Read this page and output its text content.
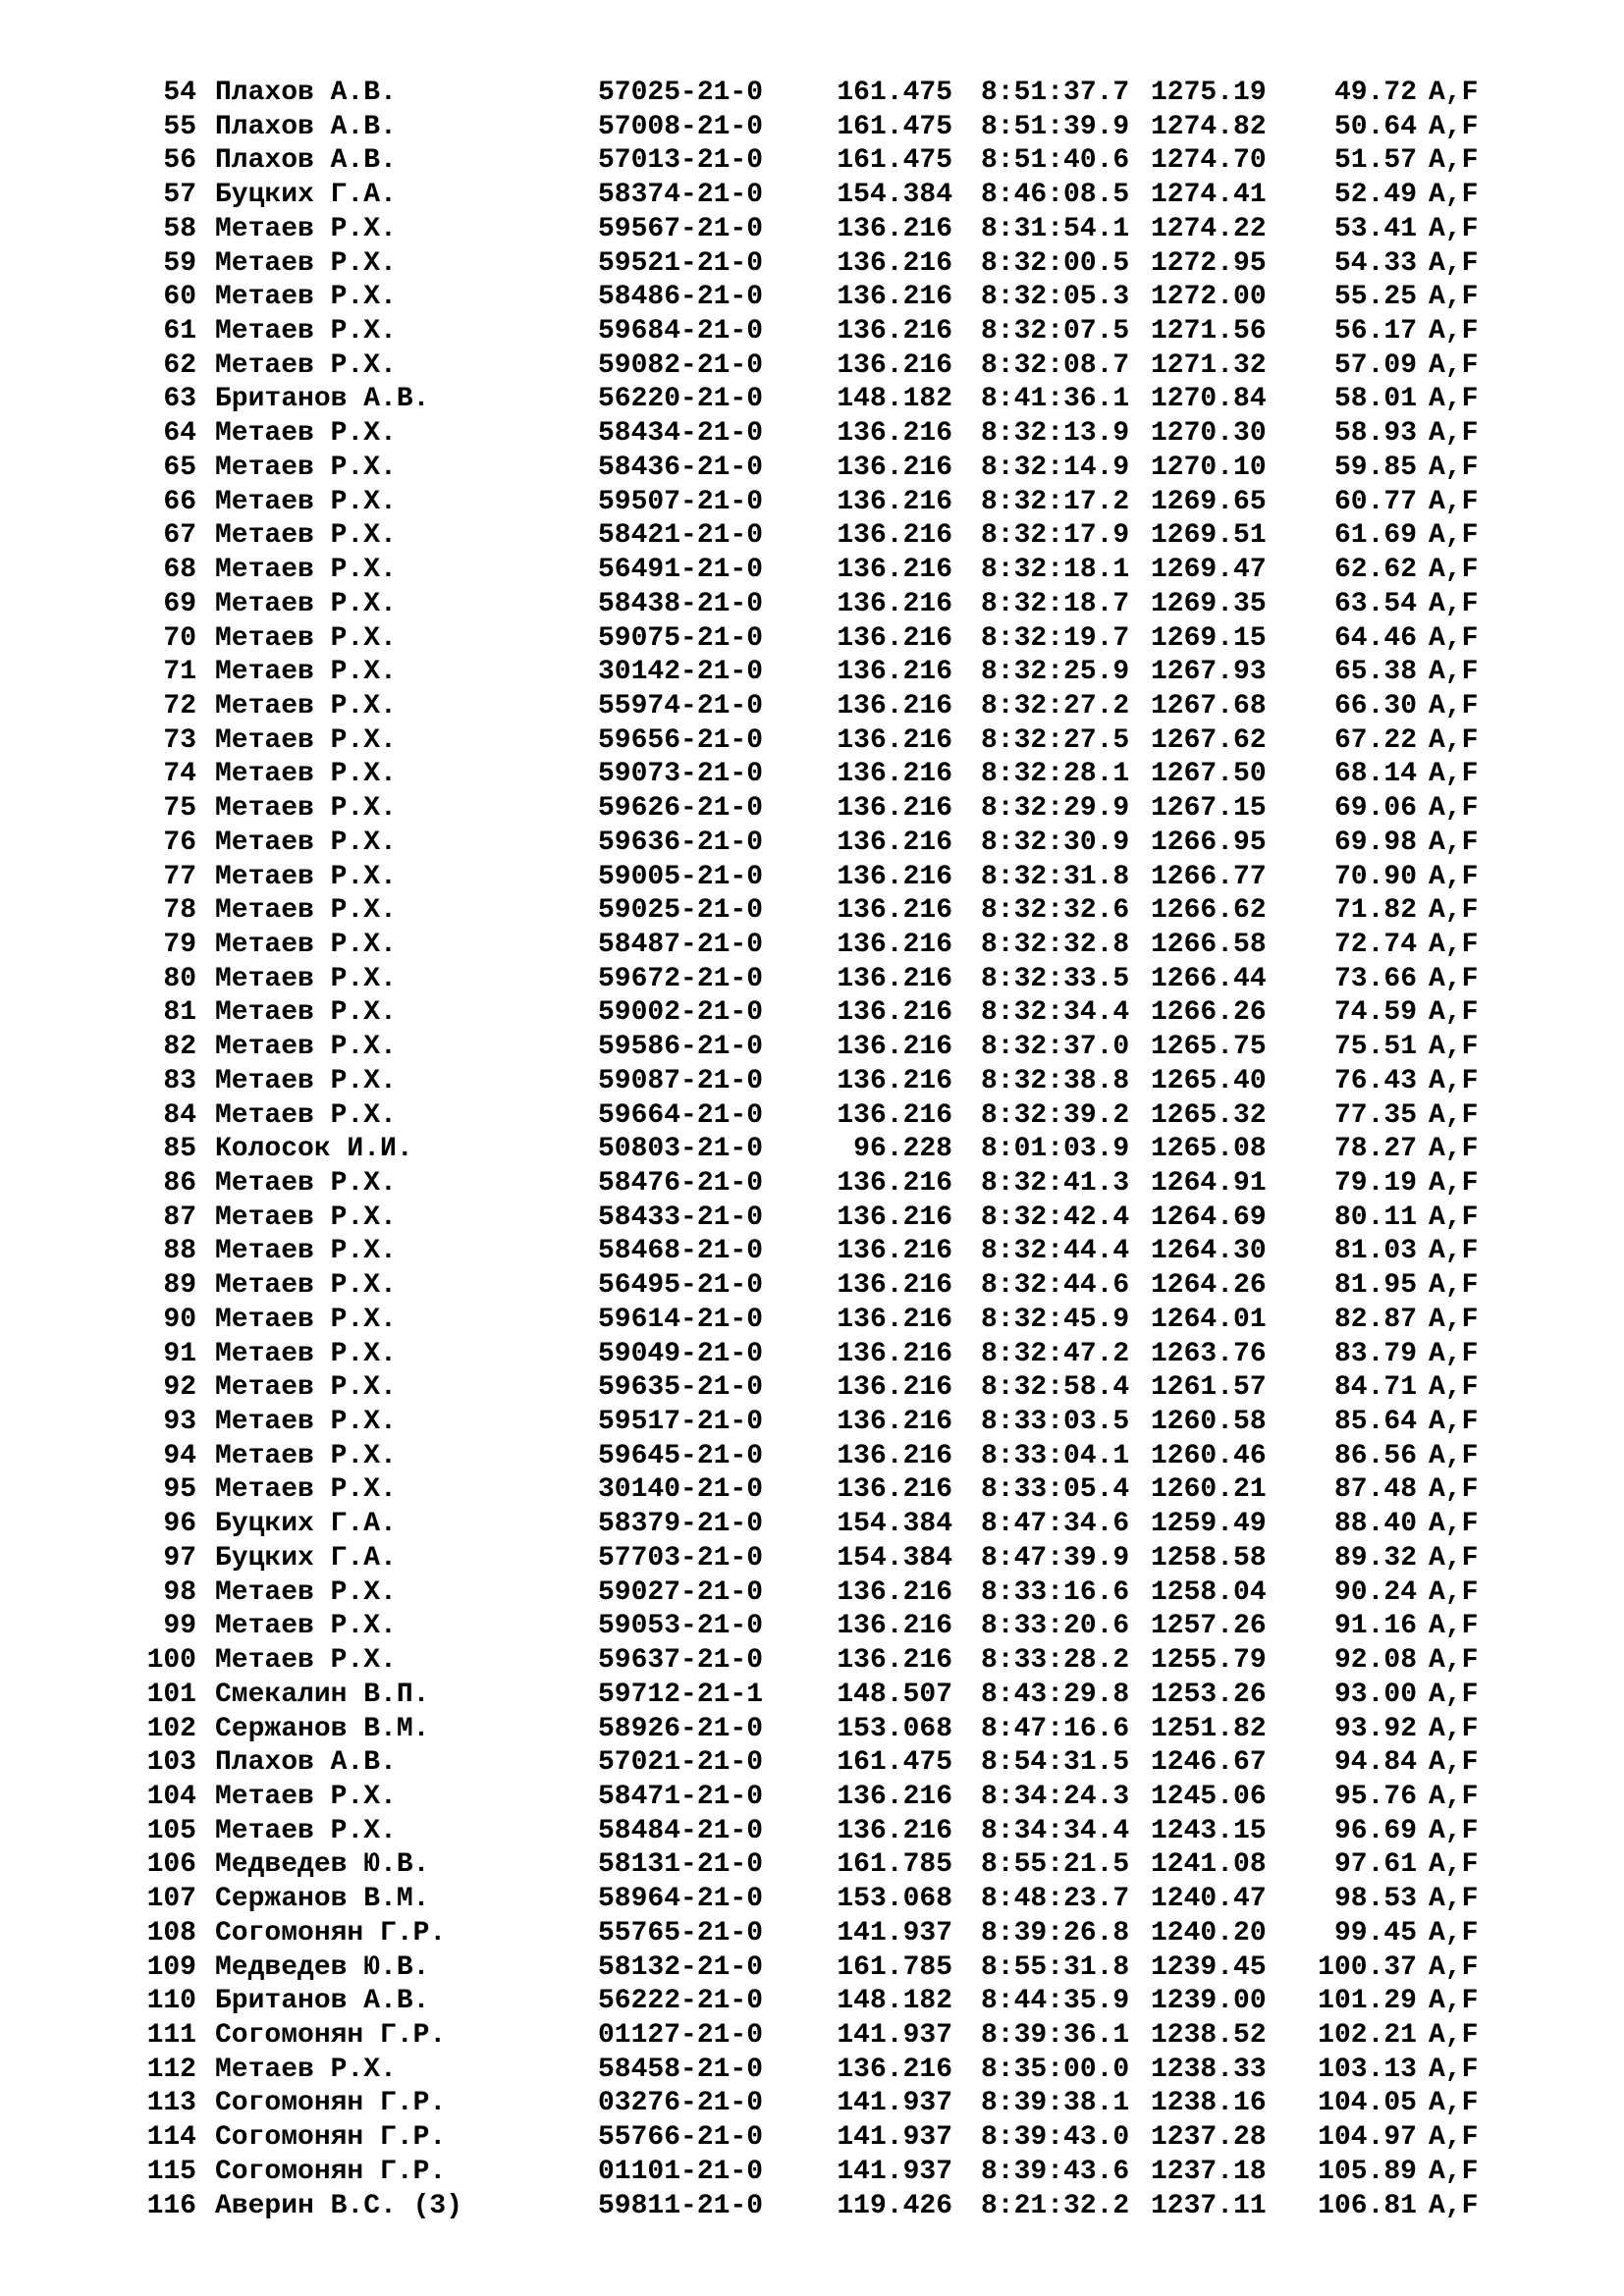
54 Плахов А.В.	57025-21-0	161.475 8:51:37.7 1275.19	49.72 A,F
55 Плахов А.В.	57008-21-0	161.475 8:51:39.9 1274.82	50.64 A,F
56 Плахов А.В.	57013-21-0	161.475 8:51:40.6 1274.70	51.57 A,F
57 Буцких Г.А.	58374-21-0	154.384 8:46:08.5 1274.41	52.49 A,F
58 Метаев Р.Х.	59567-21-0	136.216 8:31:54.1 1274.22	53.41 A,F
59 Метаев Р.Х.	59521-21-0	136.216 8:32:00.5 1272.95	54.33 A,F
60 Метаев Р.Х.	58486-21-0	136.216 8:32:05.3 1272.00	55.25 A,F
61 Метаев Р.Х.	59684-21-0	136.216 8:32:07.5 1271.56	56.17 A,F
62 Метаев Р.Х.	59082-21-0	136.216 8:32:08.7 1271.32	57.09 A,F
63 Британов А.В.	56220-21-0	148.182 8:41:36.1 1270.84	58.01 A,F
64 Метаев Р.Х.	58434-21-0	136.216 8:32:13.9 1270.30	58.93 A,F
65 Метаев Р.Х.	58436-21-0	136.216 8:32:14.9 1270.10	59.85 A,F
66 Метаев Р.Х.	59507-21-0	136.216 8:32:17.2 1269.65	60.77 A,F
67 Метаев Р.Х.	58421-21-0	136.216 8:32:17.9 1269.51	61.69 A,F
68 Метаев Р.Х.	56491-21-0	136.216 8:32:18.1 1269.47	62.62 A,F
69 Метаев Р.Х.	58438-21-0	136.216 8:32:18.7 1269.35	63.54 A,F
70 Метаев Р.Х.	59075-21-0	136.216 8:32:19.7 1269.15	64.46 A,F
71 Метаев Р.Х.	30142-21-0	136.216 8:32:25.9 1267.93	65.38 A,F
72 Метаев Р.Х.	55974-21-0	136.216 8:32:27.2 1267.68	66.30 A,F
73 Метаев Р.Х.	59656-21-0	136.216 8:32:27.5 1267.62	67.22 A,F
74 Метаев Р.Х.	59073-21-0	136.216 8:32:28.1 1267.50	68.14 A,F
75 Метаев Р.Х.	59626-21-0	136.216 8:32:29.9 1267.15	69.06 A,F
76 Метаев Р.Х.	59636-21-0	136.216 8:32:30.9 1266.95	69.98 A,F
77 Метаев Р.Х.	59005-21-0	136.216 8:32:31.8 1266.77	70.90 A,F
78 Метаев Р.Х.	59025-21-0	136.216 8:32:32.6 1266.62	71.82 A,F
79 Метаев Р.Х.	58487-21-0	136.216 8:32:32.8 1266.58	72.74 A,F
80 Метаев Р.Х.	59672-21-0	136.216 8:32:33.5 1266.44	73.66 A,F
81 Метаев Р.Х.	59002-21-0	136.216 8:32:34.4 1266.26	74.59 A,F
82 Метаев Р.Х.	59586-21-0	136.216 8:32:37.0 1265.75	75.51 A,F
83 Метаев Р.Х.	59087-21-0	136.216 8:32:38.8 1265.40	76.43 A,F
84 Метаев Р.Х.	59664-21-0	136.216 8:32:39.2 1265.32	77.35 A,F
85 Колосок И.И.	50803-21-0	96.228 8:01:03.9 1265.08	78.27 A,F
86 Метаев Р.Х.	58476-21-0	136.216 8:32:41.3 1264.91	79.19 A,F
87 Метаев Р.Х.	58433-21-0	136.216 8:32:42.4 1264.69	80.11 A,F
88 Метаев Р.Х.	58468-21-0	136.216 8:32:44.4 1264.30	81.03 A,F
89 Метаев Р.Х.	56495-21-0	136.216 8:32:44.6 1264.26	81.95 A,F
90 Метаев Р.Х.	59614-21-0	136.216 8:32:45.9 1264.01	82.87 A,F
91 Метаев Р.Х.	59049-21-0	136.216 8:32:47.2 1263.76	83.79 A,F
92 Метаев Р.Х.	59635-21-0	136.216 8:32:58.4 1261.57	84.71 A,F
93 Метаев Р.Х.	59517-21-0	136.216 8:33:03.5 1260.58	85.64 A,F
94 Метаев Р.Х.	59645-21-0	136.216 8:33:04.1 1260.46	86.56 A,F
95 Метаев Р.Х.	30140-21-0	136.216 8:33:05.4 1260.21	87.48 A,F
96 Буцких Г.А.	58379-21-0	154.384 8:47:34.6 1259.49	88.40 A,F
97 Буцких Г.А.	57703-21-0	154.384 8:47:39.9 1258.58	89.32 A,F
98 Метаев Р.Х.	59027-21-0	136.216 8:33:16.6 1258.04	90.24 A,F
99 Метаев Р.Х.	59053-21-0	136.216 8:33:20.6 1257.26	91.16 A,F
100 Метаев Р.Х.	59637-21-0	136.216 8:33:28.2 1255.79	92.08 A,F
101 Смекалин В.П.	59712-21-1	148.507 8:43:29.8 1253.26	93.00 A,F
102 Сержанов В.М.	58926-21-0	153.068 8:47:16.6 1251.82	93.92 A,F
103 Плахов А.В.	57021-21-0	161.475 8:54:31.5 1246.67	94.84 A,F
104 Метаев Р.Х.	58471-21-0	136.216 8:34:24.3 1245.06	95.76 A,F
105 Метаев Р.Х.	58484-21-0	136.216 8:34:34.4 1243.15	96.69 A,F
106 Медведев Ю.В.	58131-21-0	161.785 8:55:21.5 1241.08	97.61 A,F
107 Сержанов В.М.	58964-21-0	153.068 8:48:23.7 1240.47	98.53 A,F
108 Согомонян Г.Р.	55765-21-0	141.937 8:39:26.8 1240.20	99.45 A,F
109 Медведев Ю.В.	58132-21-0	161.785 8:55:31.8 1239.45 100.37 A,F
110 Британов А.В.	56222-21-0	148.182 8:44:35.9 1239.00 101.29 A,F
111 Согомонян Г.Р.	01127-21-0	141.937 8:39:36.1 1238.52 102.21 A,F
112 Метаев Р.Х.	58458-21-0	136.216 8:35:00.0 1238.33 103.13 A,F
113 Согомонян Г.Р.	03276-21-0	141.937 8:39:38.1 1238.16 104.05 A,F
114 Согомонян Г.Р.	55766-21-0	141.937 8:39:43.0 1237.28 104.97 A,F
115 Согомонян Г.Р.	01101-21-0	141.937 8:39:43.6 1237.18 105.89 A,F
116 Аверин В.С. (3)	59811-21-0	119.426 8:21:32.2 1237.11 106.81 A,F
